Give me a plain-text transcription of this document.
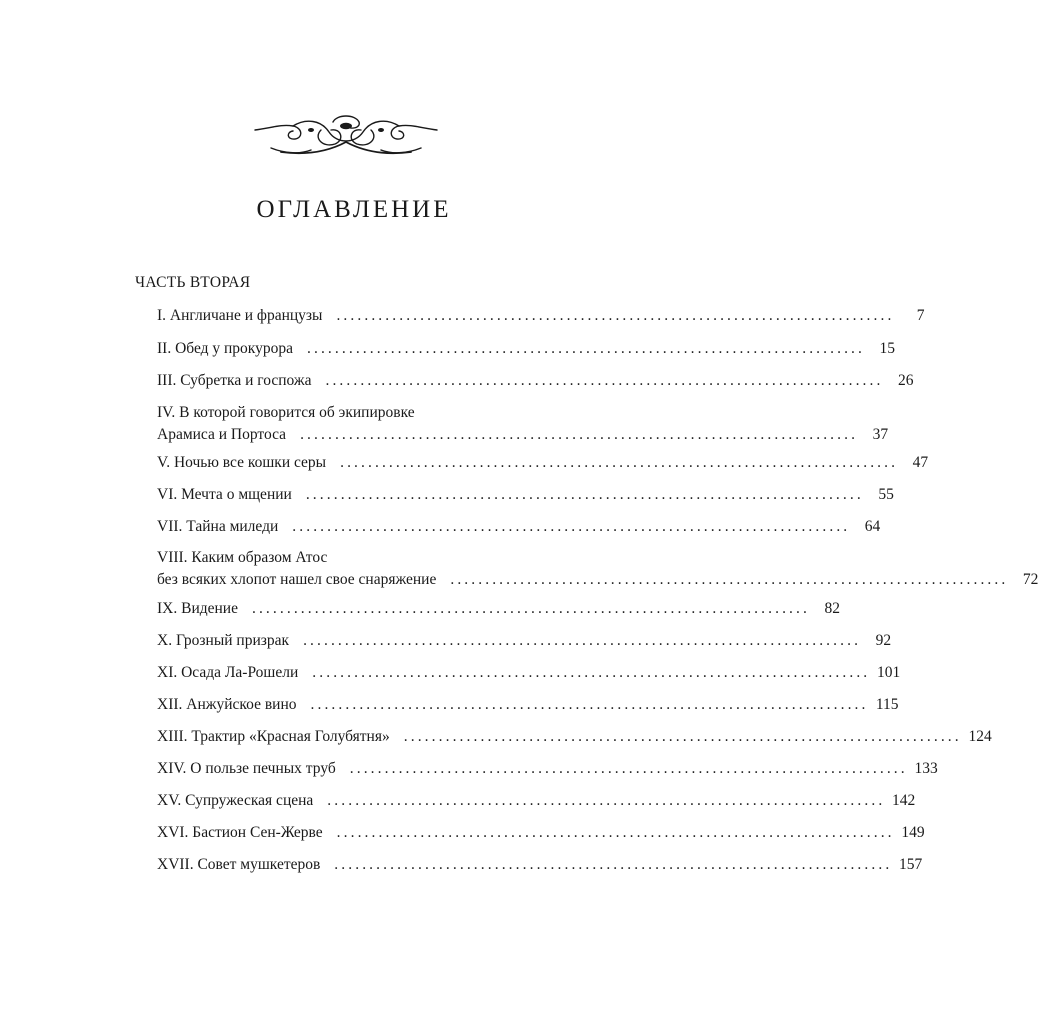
ОГЛАВЛЕНИЕ
ЧАСТЬ ВТОРАЯ
I. Англичане и французы ................................................................................	7
II. Обед у прокурора ................................................................................ 15
III. Субретка и госпожа ................................................................................ 26
IV. В которой говорится об экипировке
Арамиса и Портоса ................................................................................ 37
V. Ночью все кошки серы ................................................................................ 47
VI. Мечта о мщении ................................................................................ 55
VII. Тайна миледи ................................................................................ 64
VIII. Каким образом Атос
без всяких хлопот нашел свое снаряжение ................................................................................ 72
IX. Видение ................................................................................ 82
X. Грозный призрак ................................................................................ 92
XI. Осада Ла-Рошели ................................................................................ 101
XII. Анжуйское вино ................................................................................ 115
XIII. Трактир «Красная Голубятня» ................................................................................ 124
XIV. О пользе печных труб ................................................................................ 133
XV. Супружеская сцена ................................................................................ 142
XVI. Бастион Сен-Жерве ................................................................................ 149
XVII. Совет мушкетеров ................................................................................ 157
